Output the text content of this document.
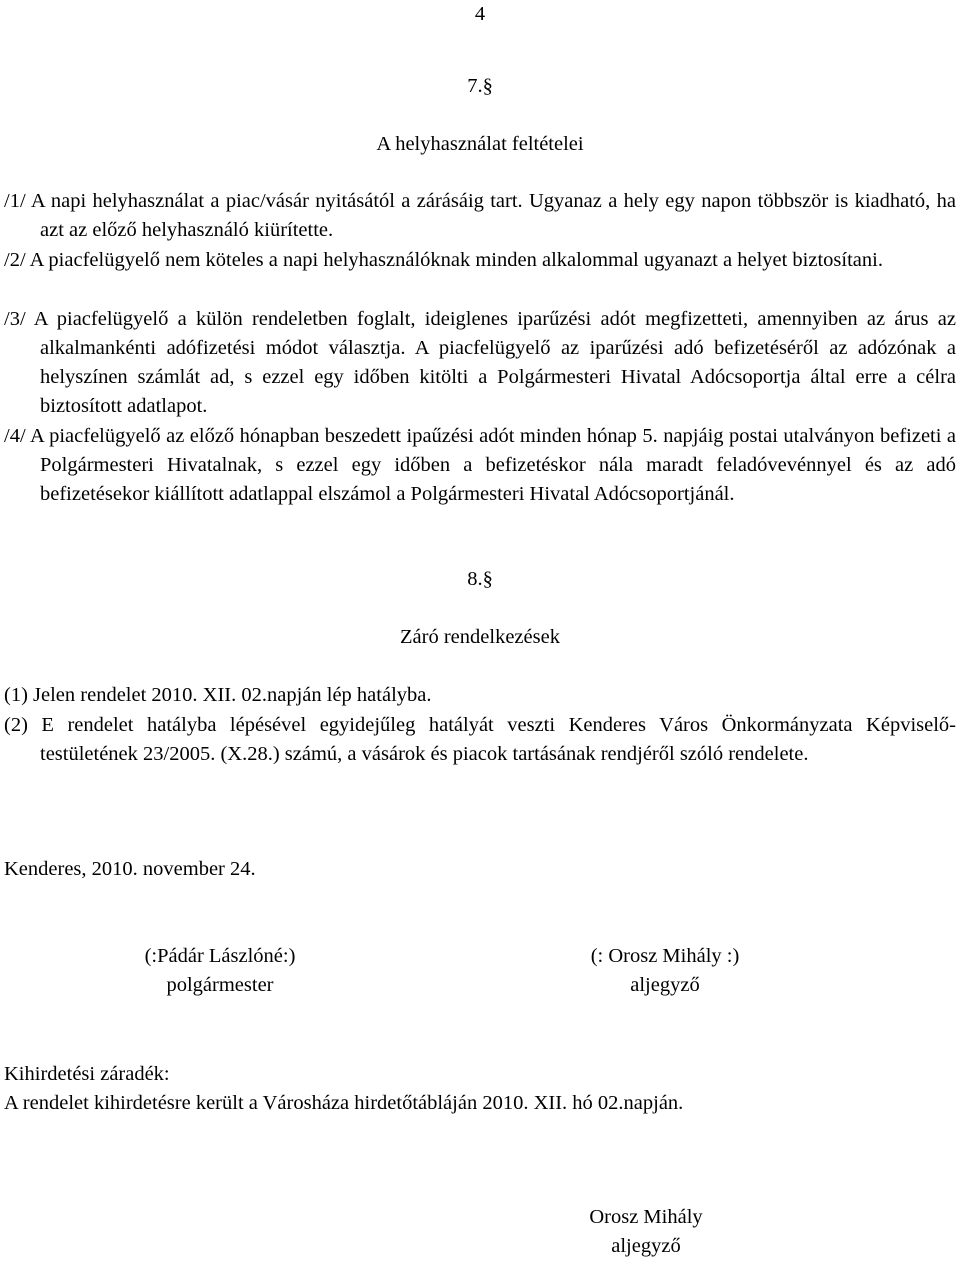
4
7.§
A helyhasználat feltételei
/1/ A napi helyhasználat a piac/vásár nyitásától a zárásáig tart. Ugyanaz a hely egy napon többször is kiadható, ha azt az előző helyhasználó kiürítette.
/2/ A piacfelügyelő nem köteles a napi helyhasználóknak minden alkalommal ugyanazt a helyet biztosítani.
/3/ A piacfelügyelő a külön rendeletben foglalt, ideiglenes iparűzési adót megfizetteti, amennyiben az árus az alkalmankénti adófizetési módot választja. A piacfelügyelő az iparűzési adó befizetéséről az adózónak a helyszínen számlát ad, s ezzel egy időben kitölti a Polgármesteri Hivatal Adócsoportja által erre a célra biztosított adatlapot.
/4/ A piacfelügyelő az előző hónapban beszedett ipaűzési adót minden hónap 5. napjáig postai utalványon befizeti a Polgármesteri Hivatalnak, s ezzel egy időben a befizetéskor nála maradt feladóvevénnyel és az adó befizetésekor kiállított adatlappal elszámol a Polgármesteri Hivatal Adócsoportjánál.
8.§
Záró rendelkezések
(1) Jelen rendelet 2010. XII. 02.napján lép hatályba.
(2) E rendelet hatályba lépésével egyidejűleg hatályát veszti Kenderes Város Önkormányzata Képviselő-testületének 23/2005. (X.28.) számú, a vásárok és piacok tartásának rendjéről szóló rendelete.
Kenderes, 2010. november 24.
(:Pádár Lászlóné:)
polgármester
(: Orosz Mihály :)
aljegyző
Kihirdetési záradék:
A rendelet kihirdetésre került a Városháza hirdetőtábláján 2010. XII. hó 02.napján.
Orosz Mihály
aljegyző
